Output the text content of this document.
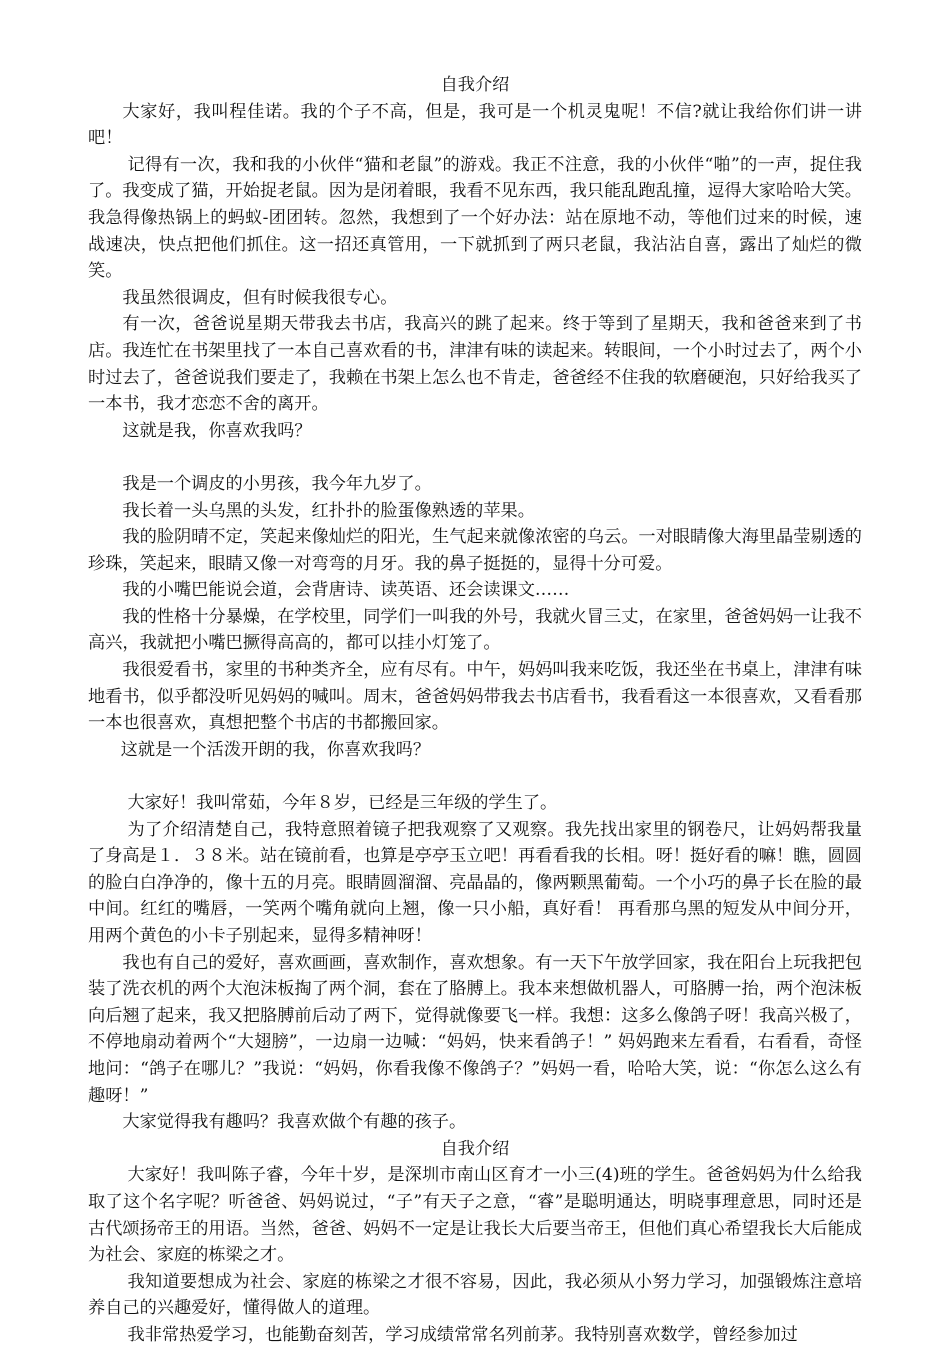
自我介绍

大家好，我叫程佳诺。我的个子不高，但是，我可是一个机灵鬼呢！不信?就让我给你们讲一讲吧！

记得有一次，我和我的小伙伴“猫和老鼠”的游戏。我正不注意，我的小伙伴“啪”的一声，捉住我了。我变成了猫，开始捉老鼠。因为是闭着眼，我看不见东西，我只能乱跑乱撞，逗得大家哈哈大笑。我急得像热锅上的蚂蚁-团团转。忽然，我想到了一个好办法：站在原地不动，等他们过来的时候，速战速决，快点把他们抓住。这一招还真管用，一下就抓到了两只老鼠，我沾沾自喜，露出了灿烂的微笑。

我虽然很调皮，但有时候我很专心。

有一次，爸爸说星期天带我去书店，我高兴的跳了起来。终于等到了星期天，我和爸爸来到了书店。我连忙在书架里找了一本自己喜欢看的书，津津有味的读起来。转眼间，一个小时过去了，两个小时过去了，爸爸说我们要走了，我赖在书架上怎么也不肯走，爸爸经不住我的软磨硬泡，只好给我买了一本书，我才恋恋不舍的离开。

这就是我，你喜欢我吗？

我是一个调皮的小男孩，我今年九岁了。

我长着一头乌黑的头发，红扑扑的脸蛋像熟透的苹果。

我的脸阴晴不定，笑起来像灿烂的阳光，生气起来就像浓密的乌云。一对眼睛像大海里晶莹剔透的珍珠，笑起来，眼睛又像一对弯弯的月牙。我的鼻子挺挺的，显得十分可爱。

我的小嘴巴能说会道，会背唐诗、读英语、还会读课文……

我的性格十分暴燥，在学校里，同学们一叫我的外号，我就火冒三丈，在家里，爸爸妈妈一让我不高兴，我就把小嘴巴撅得高高的，都可以挂小灯笼了。

我很爱看书，家里的书种类齐全，应有尽有。中午，妈妈叫我来吃饭，我还坐在书桌上，津津有味地看书，似乎都没听见妈妈的喊叫。周末，爸爸妈妈带我去书店看书，我看看这一本很喜欢，又看看那一本也很喜欢，真想把整个书店的书都搬回家。

这就是一个活泼开朗的我，你喜欢我吗？

大家好！我叫常茹，今年８岁，已经是三年级的学生了。

为了介绍清楚自己，我特意照着镜子把我观察了又观察。我先找出家里的钢卷尺，让妈妈帮我量了身高是１．３８米。站在镜前看，也算是亭亭玉立吧！再看看我的长相。呀！挺好看的嘛！瞧，圆圆的脸白白净净的，像十五的月亮。眼睛圆溜溜、亮晶晶的，像两颗黑葡萄。一个小巧的鼻子长在脸的最中间。红红的嘴唇，一笑两个嘴角就向上翘，像一只小船，真好看！ 再看那乌黑的短发从中间分开，用两个黄色的小卡子别起来，显得多精神呀！

我也有自己的爱好，喜欢画画，喜欢制作，喜欢想象。有一天下午放学回家，我在阳台上玩我把包装了洗衣机的两个大泡沫板掏了两个洞，套在了胳膊上。我本来想做机器人，可胳膊一抬，两个泡沫板向后翘了起来，我又把胳膊前后动了两下，觉得就像要飞一样。我想：这多么像鸽子呀！我高兴极了，不停地扇动着两个“大翅膀”，一边扇一边喊：“妈妈，快来看鸽子！” 妈妈跑来左看看，右看看，奇怪地问：“鸽子在哪儿？”我说：“妈妈，你看我像不像鸽子？”妈妈一看，哈哈大笑，说：“你怎么这么有趣呀！”

大家觉得我有趣吗？我喜欢做个有趣的孩子。

自我介绍

大家好！我叫陈子睿，今年十岁，是深圳市南山区育才一小三(4)班的学生。爸爸妈妈为什么给我取了这个名字呢？听爸爸、妈妈说过，“子”有天子之意，“睿”是聪明通达，明晓事理意思，同时还是古代颂扬帝王的用语。当然，爸爸、妈妈不一定是让我长大后要当帝王，但他们真心希望我长大后能成为社会、家庭的栋梁之才。

我知道要想成为社会、家庭的栋梁之才很不容易，因此，我必须从小努力学习，加强锻炼注意培养自己的兴趣爱好，懂得做人的道理。

我非常热爱学习，也能勤奋刻苦，学习成绩常常名列前茅。我特别喜欢数学，曾经参加过
